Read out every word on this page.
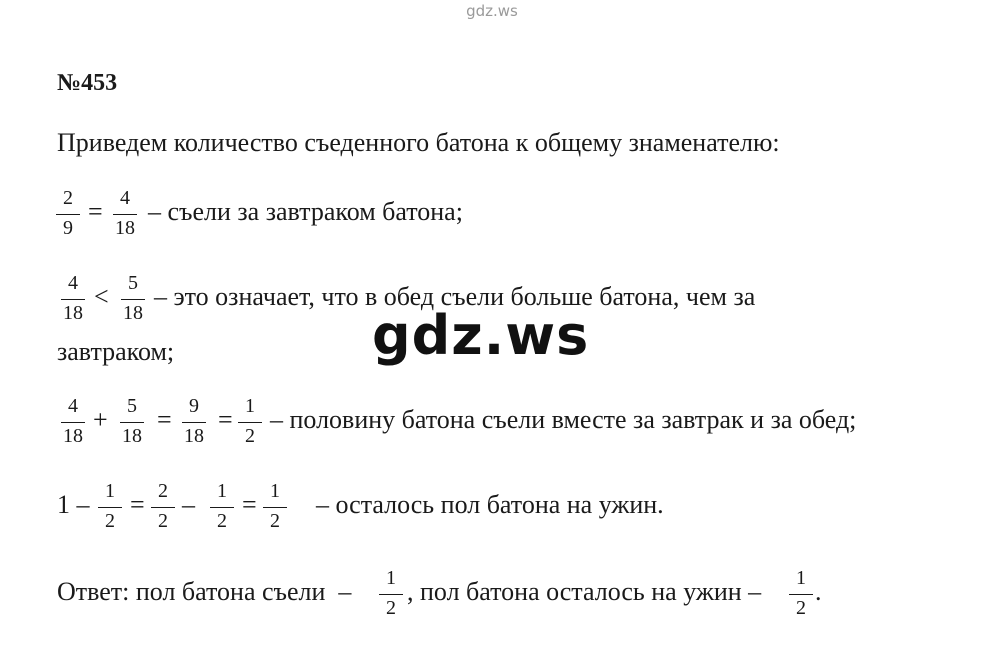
gdz.ws
№453
Приведем количество съеденного батона к общему знаменателю:
2
9
= 4
18
– съели за завтраком батона;
4
18
< 5
18
– это означает, что в обед съели больше батона, чем за
завтраком;
4
18
+ 5
18
= 9
18
= 1
2
– половину батона съели вместе за завтрак и за обед;
1 – 1
2
= 2
2
–	1
2
= 1
2
– осталось пол батона на ужин.
Ответ: пол батона съели  –	1
2
, пол батона осталось на ужин –	1
2
.
gdz.ws
